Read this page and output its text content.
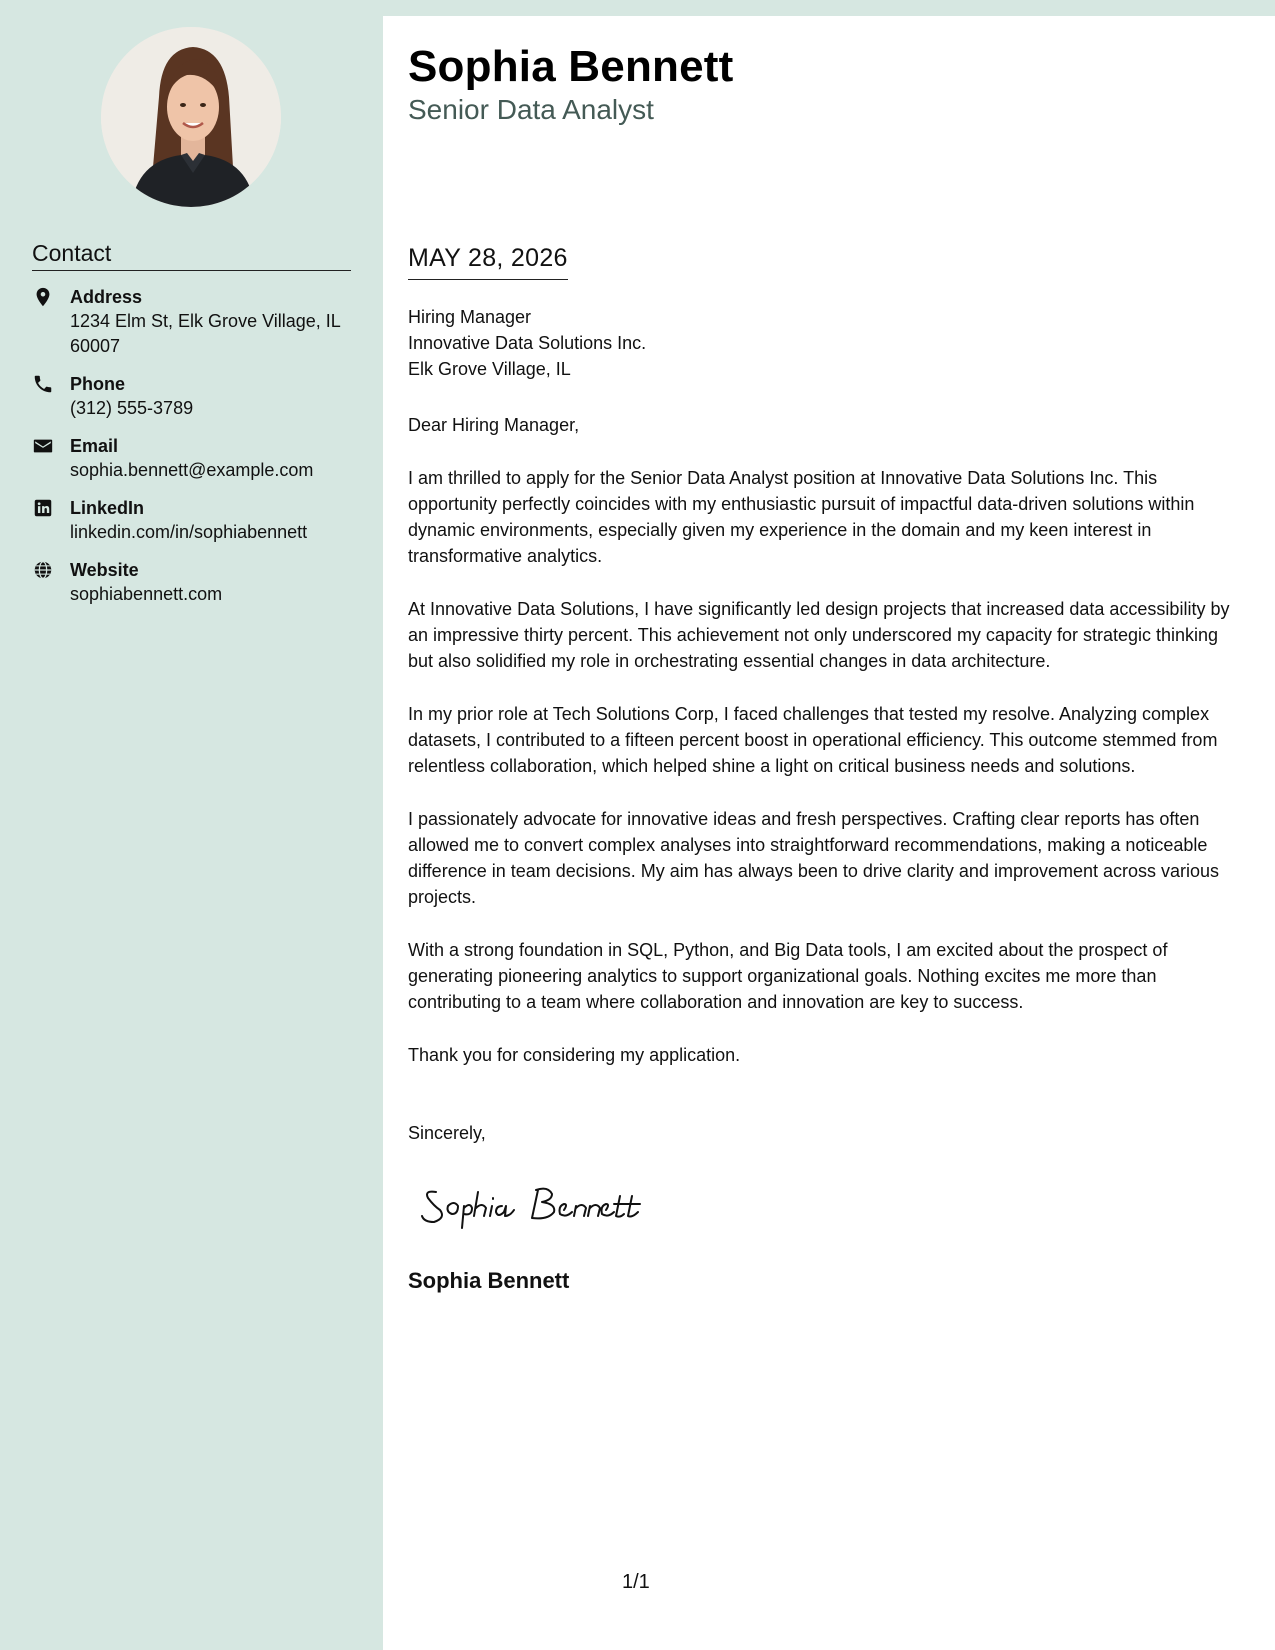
Contact
Address
1234 Elm St, Elk Grove Village, IL 60007
Phone
(312) 555-3789
Email
sophia.bennett@example.com
LinkedIn
linkedin.com/in/sophiabennett
Website
sophiabennett.com
Sophia Bennett
Senior Data Analyst
MAY 28, 2026
Hiring Manager
Innovative Data Solutions Inc.
Elk Grove Village, IL

Dear Hiring Manager,

I am thrilled to apply for the Senior Data Analyst position at Innovative Data Solutions Inc. This opportunity perfectly coincides with my enthusiastic pursuit of impactful data-driven solutions within dynamic environments, especially given my experience in the domain and my keen interest in transformative analytics.

At Innovative Data Solutions, I have significantly led design projects that increased data accessibility by an impressive thirty percent. This achievement not only underscored my capacity for strategic thinking but also solidified my role in orchestrating essential changes in data architecture.

In my prior role at Tech Solutions Corp, I faced challenges that tested my resolve. Analyzing complex datasets, I contributed to a fifteen percent boost in operational efficiency. This outcome stemmed from relentless collaboration, which helped shine a light on critical business needs and solutions.

I passionately advocate for innovative ideas and fresh perspectives. Crafting clear reports has often allowed me to convert complex analyses into straightforward recommendations, making a noticeable difference in team decisions. My aim has always been to drive clarity and improvement across various projects.

With a strong foundation in SQL, Python, and Big Data tools, I am excited about the prospect of generating pioneering analytics to support organizational goals. Nothing excites me more than contributing to a team where collaboration and innovation are key to success.

Thank you for considering my application.

Sincerely,
Sophia Bennett
1/1
